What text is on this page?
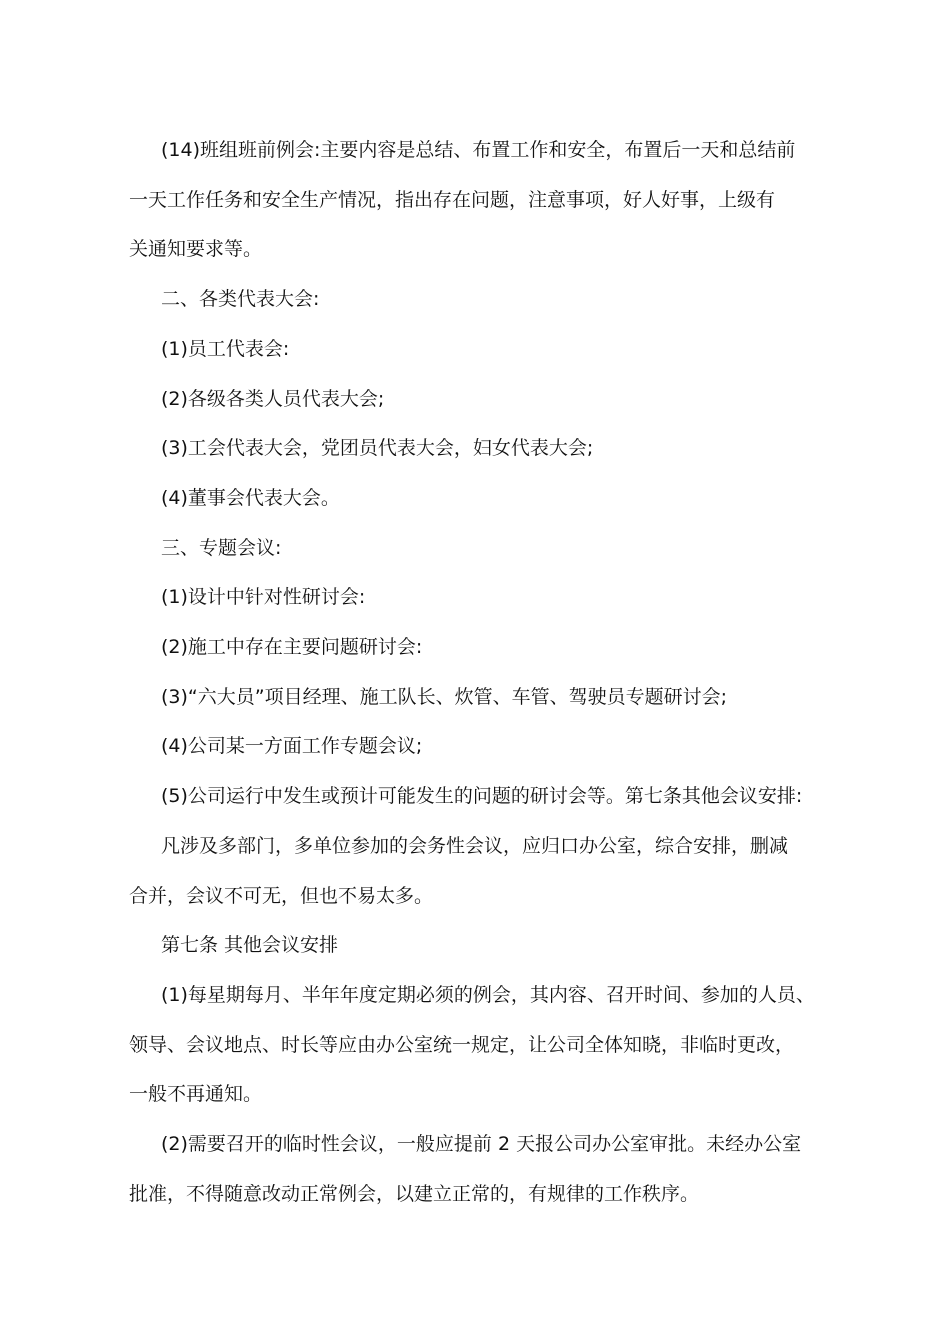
(14)班组班前例会:主要内容是总结、布置工作和安全，布置后一天和总结前
一天工作任务和安全生产情况，指出存在问题，注意事项，好人好事，上级有
关通知要求等。

二、各类代表大会:

(1)员工代表会:

(2)各级各类人员代表大会;

(3)工会代表大会，党团员代表大会，妇女代表大会;

(4)董事会代表大会。

三、专题会议:

(1)设计中针对性研讨会:

(2)施工中存在主要问题研讨会:

(3)“六大员”项目经理、施工队长、炊管、车管、驾驶员专题研讨会;

(4)公司某一方面工作专题会议;

(5)公司运行中发生或预计可能发生的问题的研讨会等。第七条其他会议安排:

凡涉及多部门，多单位参加的会务性会议，应归口办公室，综合安排，删减
合并，会议不可无，但也不易太多。

第七条 其他会议安排

(1)每星期每月、半年年度定期必须的例会，其内容、召开时间、参加的人员、
领导、会议地点、时长等应由办公室统一规定，让公司全体知晓，非临时更改，
一般不再通知。

(2)需要召开的临时性会议，一般应提前 2 天报公司办公室审批。未经办公室
批准，不得随意改动正常例会，以建立正常的，有规律的工作秩序。
